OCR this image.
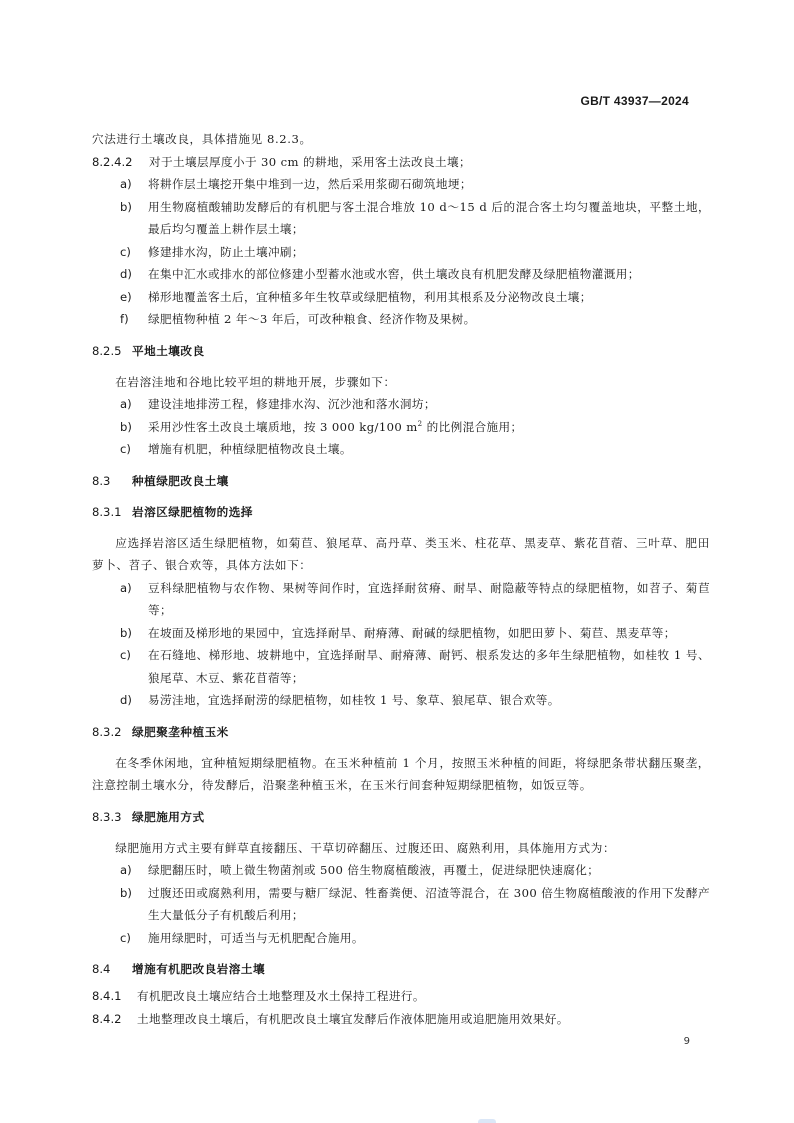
GB/T 43937—2024
穴法进行土壤改良，具体措施见 8.2.3。
8.2.4.2	对于土壤层厚度小于 30 cm 的耕地，采用客土法改良土壤；
a)	将耕作层土壤挖开集中堆到一边，然后采用浆砌石砌筑地埂；
b)	用生物腐植酸辅助发酵后的有机肥与客土混合堆放 10 d～15 d 后的混合客土均匀覆盖地块，平整土地，最后均匀覆盖上耕作层土壤；
c)	修建排水沟，防止土壤冲刷；
d)	在集中汇水或排水的部位修建小型蓄水池或水窖，供土壤改良有机肥发酵及绿肥植物灌溉用；
e)	梯形地覆盖客土后，宜种植多年生牧草或绿肥植物，利用其根系及分泌物改良土壤；
f)	绿肥植物种植 2 年～3 年后，可改种粮食、经济作物及果树。
8.2.5 平地土壤改良
在岩溶洼地和谷地比较平坦的耕地开展，步骤如下：
a)	建设洼地排涝工程，修建排水沟、沉沙池和落水洞坊；
b)	采用沙性客土改良土壤质地，按 3 000 kg/100 $m^2$ 的比例混合施用；
c)	增施有机肥，种植绿肥植物改良土壤。
8.3	种植绿肥改良土壤
8.3.1 岩溶区绿肥植物的选择
应选择岩溶区适生绿肥植物，如菊苣、狼尾草、高丹草、类玉米、柱花草、黑麦草、紫花苜蓿、三叶草、肥田萝卜、苕子、银合欢等，具体方法如下：
a)	豆科绿肥植物与农作物、果树等间作时，宜选择耐贫瘠、耐旱、耐隐蔽等特点的绿肥植物，如苕子、菊苣等；
b)	在坡面及梯形地的果园中，宜选择耐旱、耐瘠薄、耐碱的绿肥植物，如肥田萝卜、菊苣、黑麦草等；
c)	在石缝地、梯形地、坡耕地中，宜选择耐旱、耐瘠薄、耐钙、根系发达的多年生绿肥植物，如桂牧 1 号、狼尾草、木豆、紫花苜蓿等；
d)	易涝洼地，宜选择耐涝的绿肥植物，如桂牧 1 号、象草、狼尾草、银合欢等。
8.3.2 绿肥聚垄种植玉米
在冬季休闲地，宜种植短期绿肥植物。在玉米种植前 1 个月，按照玉米种植的间距，将绿肥条带状翻压聚垄，注意控制土壤水分，待发酵后，沿聚垄种植玉米，在玉米行间套种短期绿肥植物，如饭豆等。
8.3.3 绿肥施用方式
绿肥施用方式主要有鲜草直接翻压、干草切碎翻压、过腹还田、腐熟利用，具体施用方式为：
a)	绿肥翻压时，喷上微生物菌剂或 500 倍生物腐植酸液，再覆土，促进绿肥快速腐化；
b)	过腹还田或腐熟利用，需要与糖厂绿泥、牲畜粪便、沼渣等混合，在 300 倍生物腐植酸液的作用下发酵产生大量低分子有机酸后利用；
c)	施用绿肥时，可适当与无机肥配合施用。
8.4	增施有机肥改良岩溶土壤
8.4.1	有机肥改良土壤应结合土地整理及水土保持工程进行。
8.4.2	土地整理改良土壤后，有机肥改良土壤宜发酵后作液体肥施用或追肥施用效果好。
9
